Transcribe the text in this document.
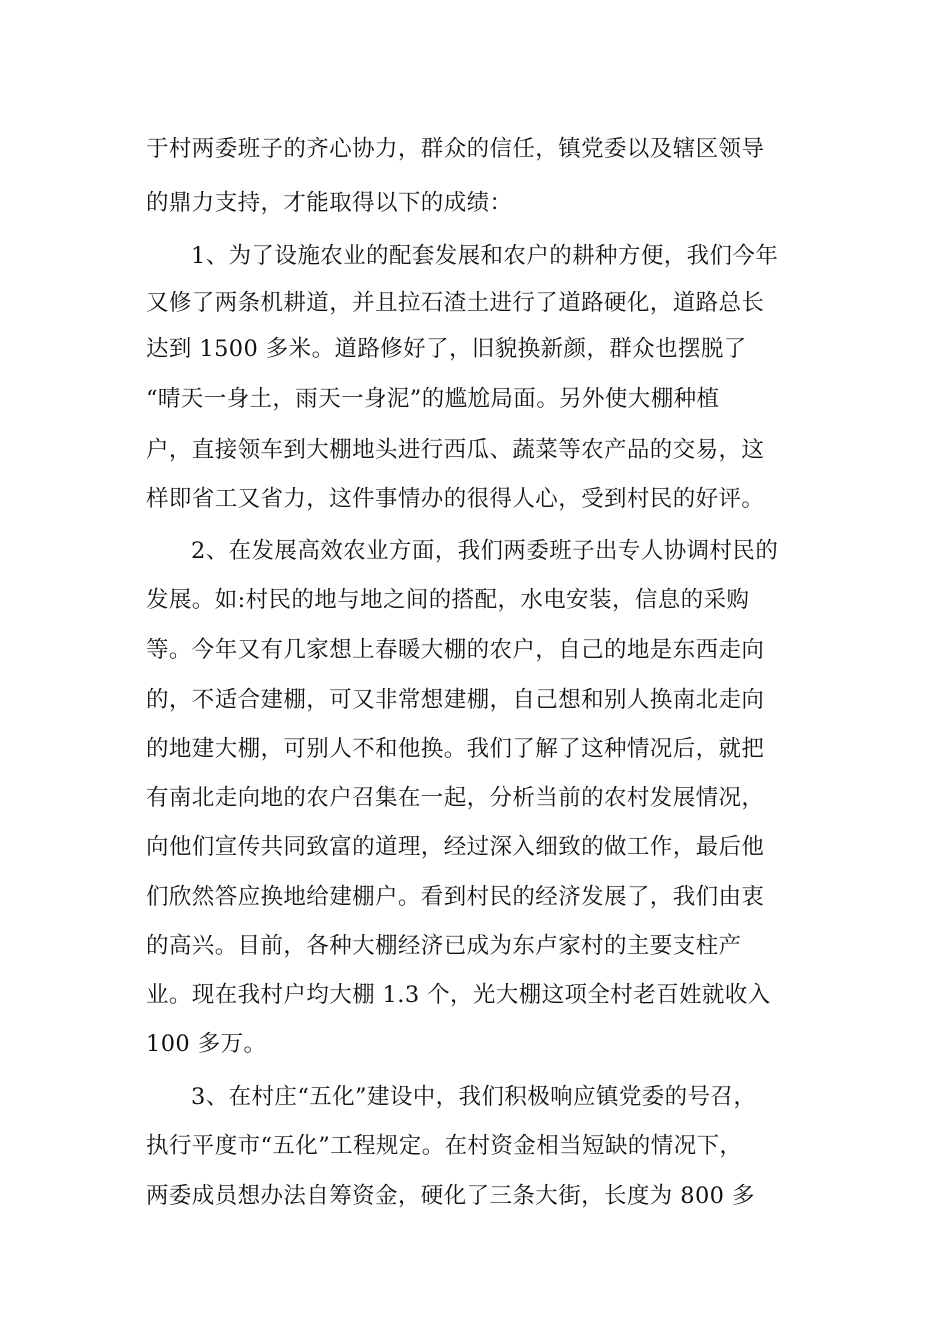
于村两委班子的齐心协力，群众的信任，镇党委以及辖区领导
的鼎力支持，才能取得以下的成绩：
1、为了设施农业的配套发展和农户的耕种方便，我们今年
又修了两条机耕道，并且拉石渣土进行了道路硬化，道路总长
达到 1500 多米。道路修好了，旧貌换新颜，群众也摆脱了
“晴天一身土，雨天一身泥”的尴尬局面。另外使大棚种植
户，直接领车到大棚地头进行西瓜、蔬菜等农产品的交易，这
样即省工又省力，这件事情办的很得人心，受到村民的好评。
2、在发展高效农业方面，我们两委班子出专人协调村民的
发展。如:村民的地与地之间的搭配，水电安装，信息的采购
等。今年又有几家想上春暖大棚的农户，自己的地是东西走向
的，不适合建棚，可又非常想建棚，自己想和别人换南北走向
的地建大棚，可别人不和他换。我们了解了这种情况后，就把
有南北走向地的农户召集在一起，分析当前的农村发展情况，
向他们宣传共同致富的道理，经过深入细致的做工作，最后他
们欣然答应换地给建棚户。看到村民的经济发展了，我们由衷
的高兴。目前，各种大棚经济已成为东卢家村的主要支柱产
业。现在我村户均大棚 1.3 个，光大棚这项全村老百姓就收入
100 多万。
3、在村庄“五化”建设中，我们积极响应镇党委的号召，
执行平度市“五化”工程规定。在村资金相当短缺的情况下，
两委成员想办法自筹资金，硬化了三条大街，长度为 800 多
